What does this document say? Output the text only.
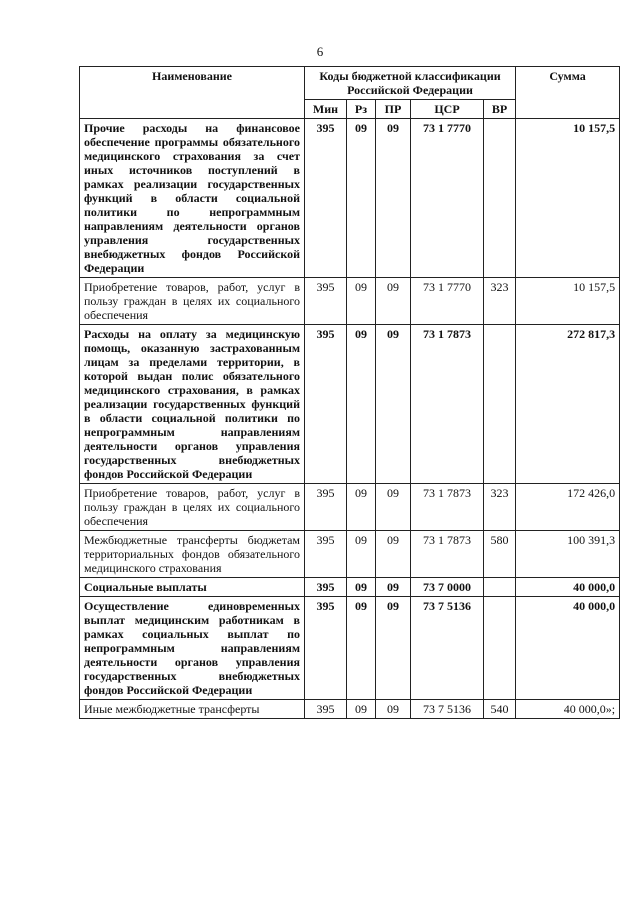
6
Наименование	Коды бюджетной классификации Российской Федерации					Сумма
	Мин	Рз	ПР	ЦСР	ВР	
Прочие расходы на финансовое обеспечение программы обязательного медицинского страхования за счет иных источников поступлений в рамках реализации государственных функций в области социальной политики по непрограммным направлениям деятельности органов управления государственных внебюджетных фондов Российской Федерации	395	09	09	73 1 7770		10 157,5
Приобретение товаров, работ, услуг в пользу граждан в целях их социального обеспечения	395	09	09	73 1 7770	323	10 157,5
Расходы на оплату за медицинскую помощь, оказанную застрахованным лицам за пределами территории, в которой выдан полис обязательного медицинского страхования, в рамках реализации государственных функций в области социальной политики по непрограммным направлениям деятельности органов управления государственных внебюджетных фондов Российской Федерации	395	09	09	73 1 7873		272 817,3
Приобретение товаров, работ, услуг в пользу граждан в целях их социального обеспечения	395	09	09	73 1 7873	323	172 426,0
Межбюджетные трансферты бюджетам территориальных фондов обязательного медицинского страхования	395	09	09	73 1 7873	580	100 391,3
Социальные выплаты	395	09	09	73 7 0000		40 000,0
Осуществление единовременных выплат медицинским работникам в рамках социальных выплат по непрограммным направлениям деятельности органов управления государственных внебюджетных фондов Российской Федерации	395	09	09	73 7 5136		40 000,0
Иные межбюджетные трансферты	395	09	09	73 7 5136	540	40 000,0»;
